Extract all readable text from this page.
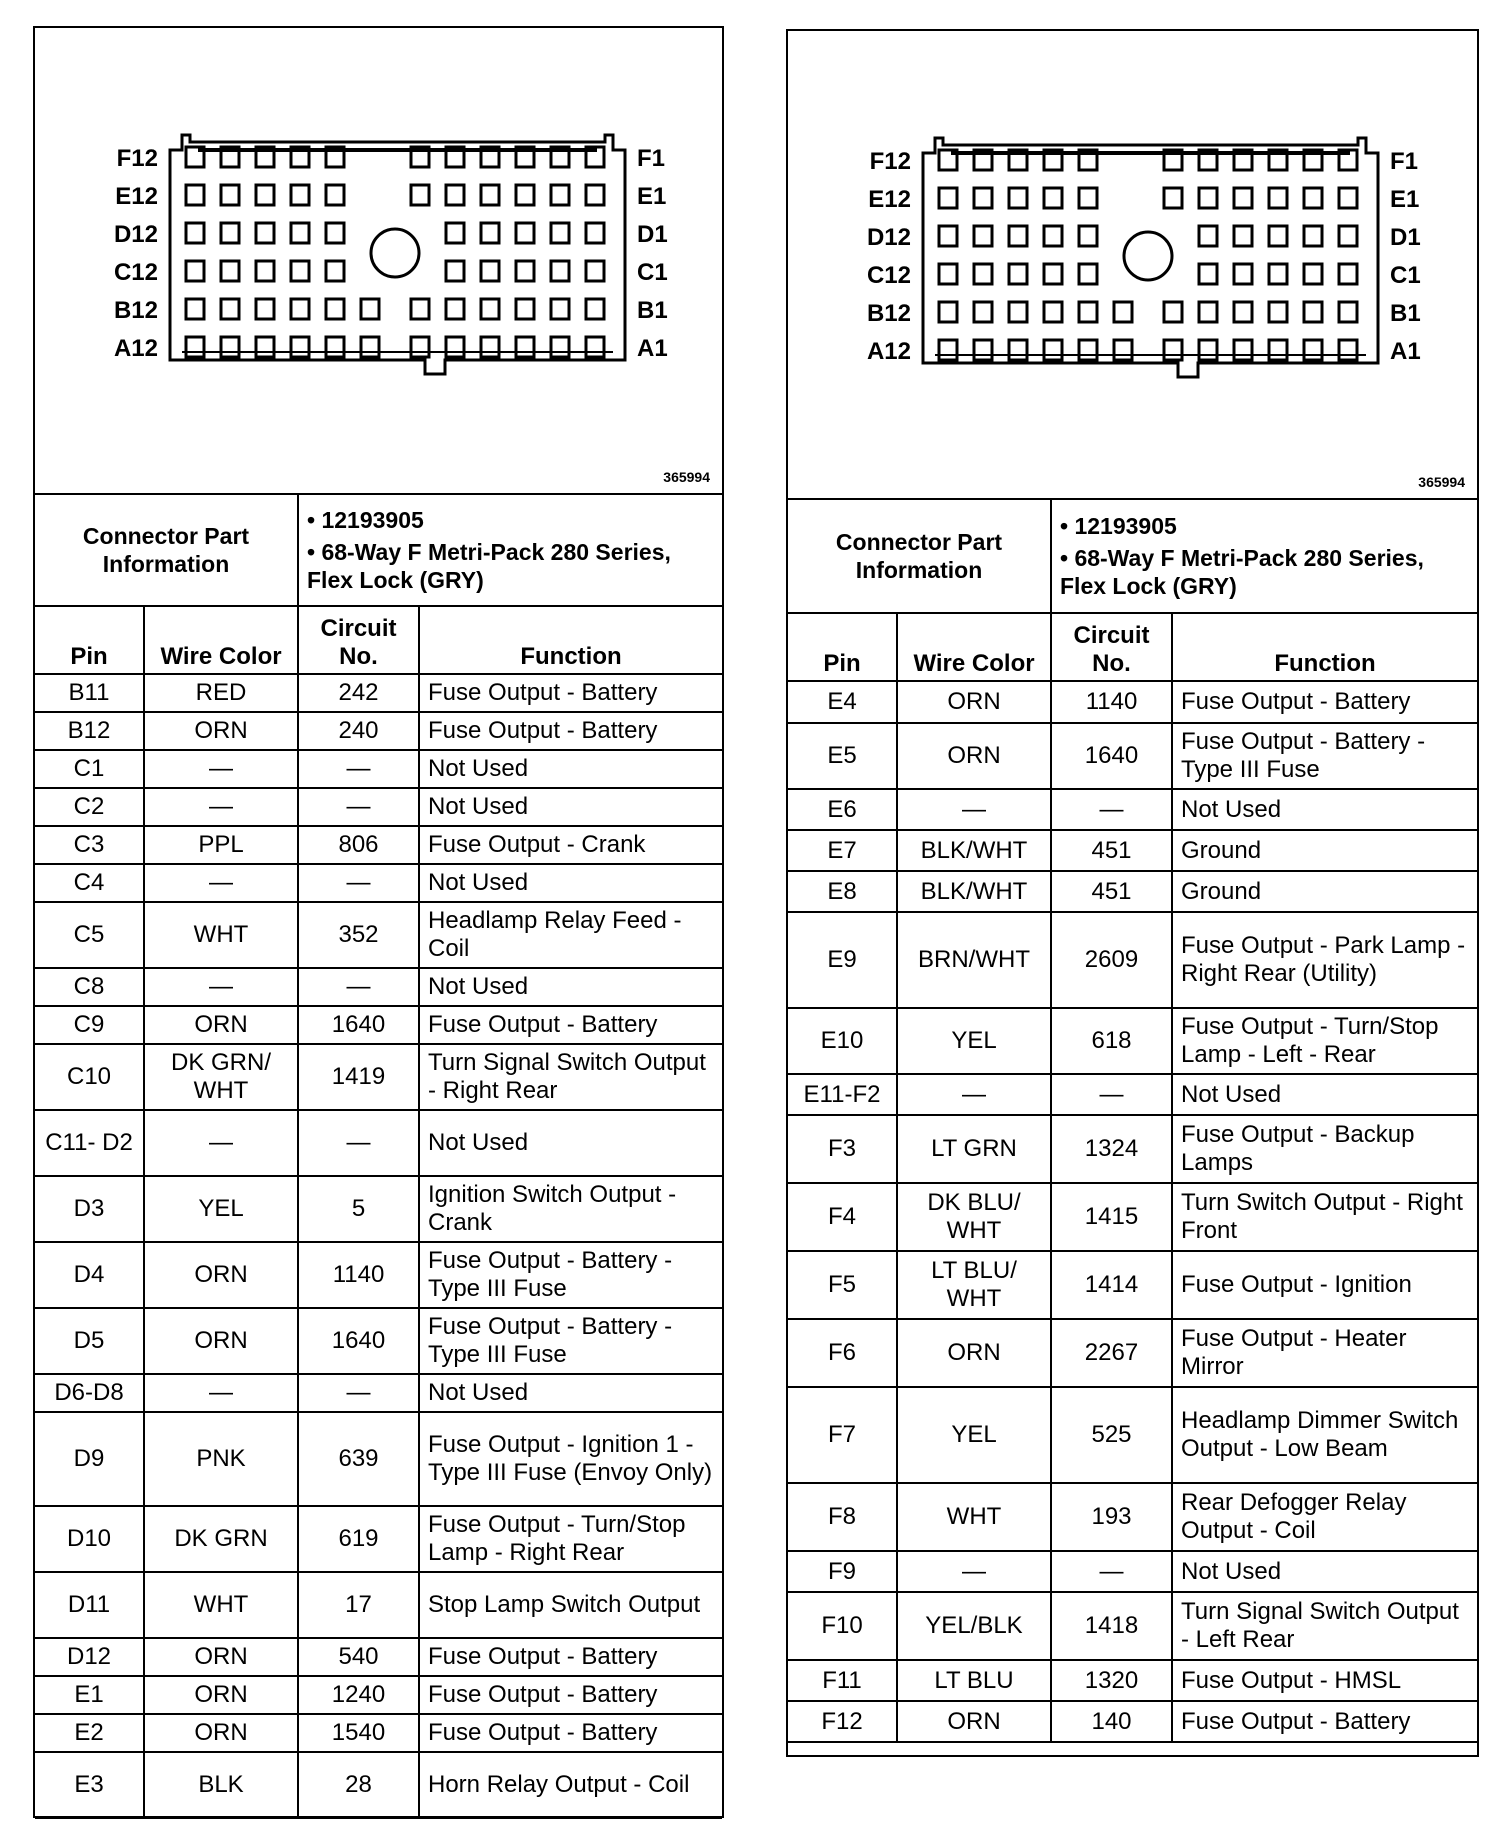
F12	F1
E12	E1
D12	D1
C12	C1
B12	B1
A12	A1
365994
Connector Part Information	
• 12193905
• 68-Way F Metri-Pack 280 Series, Flex Lock (GRY)
Pin	Wire Color	Circuit No.	Function
B11	RED	242	Fuse Output - Battery
B12	ORN	240	Fuse Output - Battery
C1	—	—	Not Used
C2	—	—	Not Used
C3	PPL	806	Fuse Output - Crank
C4	—	—	Not Used
C5	WHT	352	Headlamp Relay Feed - Coil
C8	—	—	Not Used
C9	ORN	1640	Fuse Output - Battery
C10	DK GRN/ WHT	1419	Turn Signal Switch Output - Right Rear
C11- D2	—	—	Not Used
D3	YEL	5	Ignition Switch Output - Crank
D4	ORN	1140	Fuse Output - Battery - Type III Fuse
D5	ORN	1640	Fuse Output - Battery - Type III Fuse
D6-D8	—	—	Not Used
D9	PNK	639	Fuse Output - Ignition 1 - Type III Fuse (Envoy Only)
D10	DK GRN	619	Fuse Output - Turn/Stop Lamp - Right Rear
D11	WHT	17	Stop Lamp Switch Output
D12	ORN	540	Fuse Output - Battery
E1	ORN	1240	Fuse Output - Battery
E2	ORN	1540	Fuse Output - Battery
E3	BLK	28	Horn Relay Output - Coil
F12	F1
E12	E1
D12	D1
C12	C1
B12	B1
A12	A1
365994
Connector Part Information	
• 12193905
• 68-Way F Metri-Pack 280 Series, Flex Lock (GRY)
Pin	Wire Color	Circuit No.	Function
E4	ORN	1140	Fuse Output - Battery
E5	ORN	1640	Fuse Output - Battery - Type III Fuse
E6	—	—	Not Used
E7	BLK/WHT	451	Ground
E8	BLK/WHT	451	Ground
E9	BRN/WHT	2609	Fuse Output - Park Lamp - Right Rear (Utility)
E10	YEL	618	Fuse Output - Turn/Stop Lamp - Left - Rear
E11-F2	—	—	Not Used
F3	LT GRN	1324	Fuse Output - Backup Lamps
F4	DK BLU/ WHT	1415	Turn Switch Output - Right Front
F5	LT BLU/ WHT	1414	Fuse Output - Ignition
F6	ORN	2267	Fuse Output - Heater Mirror
F7	YEL	525	Headlamp Dimmer Switch Output - Low Beam
F8	WHT	193	Rear Defogger Relay Output - Coil
F9	—	—	Not Used
F10	YEL/BLK	1418	Turn Signal Switch Output - Left Rear
F11	LT BLU	1320	Fuse Output - HMSL
F12	ORN	140	Fuse Output - Battery
